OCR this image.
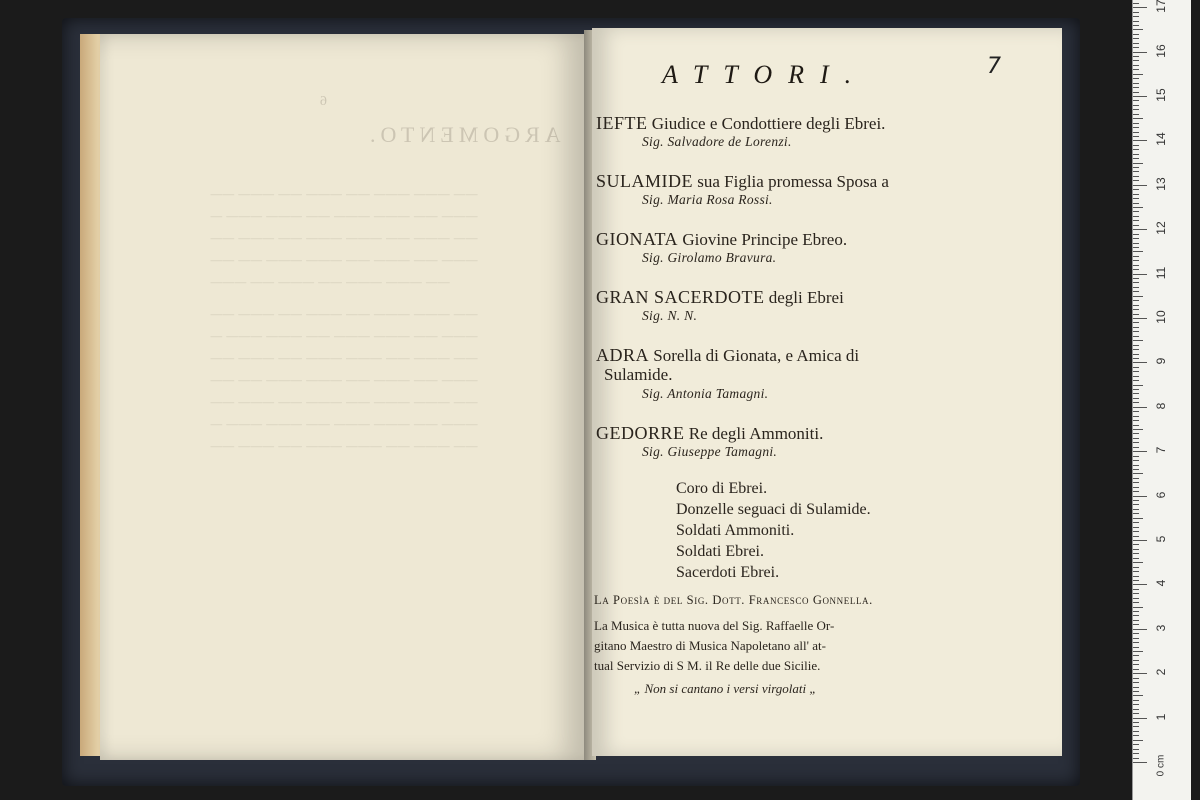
6
ARGOMENTO.
—— ——— ——— —— ——— —— ——— ——
——— —— ——— ——— —— ——— ——— —
—— ——— —— ——— ——— —— ——— ——
——— —— ——— —— ——— ——— —— ——
—— ——— ——— —— ——— —— ———
—— ——— ——— —— ——— —— ——— ——
——— —— ——— ——— —— ——— ——— —
—— ——— —— ——— ——— —— ——— ——
——— —— ——— —— ——— ——— —— ——
—— ——— ——— —— ——— —— ——— ——
——— —— ——— ——— —— ——— ——— —
—— ——— —— ——— ——— —— ——— ——
7
ATTORI.
IEFTE Giudice e Condottiere degli Ebrei.
Sig. Salvadore de Lorenzi.
SULAMIDE sua Figlia promessa Sposa a
Sig. Maria Rosa Rossi.
GIONATA Giovine Principe Ebreo.
Sig. Girolamo Bravura.
GRAN SACERDOTE degli Ebrei
Sig. N. N.
ADRA Sorella di Gionata, e Amica di
Sulamide.
Sig. Antonia Tamagni.
GEDORRE Re degli Ammoniti.
Sig. Giuseppe Tamagni.
Coro di Ebrei.
Donzelle seguaci di Sulamide.
Soldati Ammoniti.
Soldati Ebrei.
Sacerdoti Ebrei.
La Poesìa è del Sig. Dott. Francesco Gonnella.
La Musica è tutta nuova del Sig. Raffaelle Or-
gitano Maestro di Musica Napoletano all' at-
tual Servizio di S M. il Re delle due Sicilie.
„ Non si cantano i versi virgolati „
1
2
3
4
5
6
7
8
9
10
11
12
13
14
15
16
17
0 cm
